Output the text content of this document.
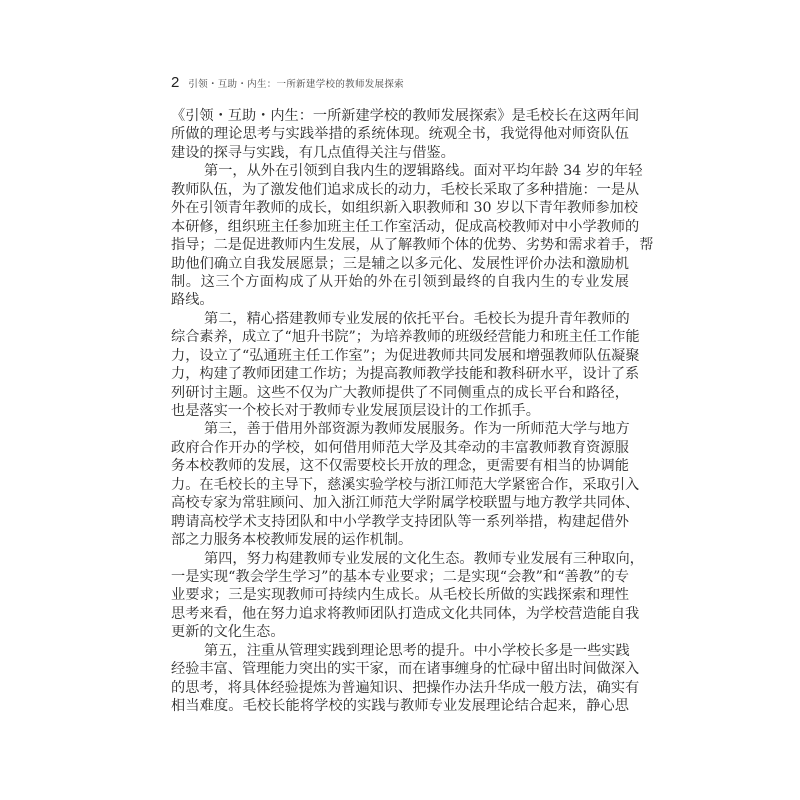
2 引领・互助・内生：一所新建学校的教师发展探索
《引领・互助・内生：一所新建学校的教师发展探索》是毛校长在这两年间
所做的理论思考与实践举措的系统体现。统观全书，我觉得他对师资队伍
建设的探寻与实践，有几点值得关注与借鉴。
第一，从外在引领到自我内生的逻辑路线。面对平均年龄 34 岁的年轻
教师队伍，为了激发他们追求成长的动力，毛校长采取了多种措施：一是从
外在引领青年教师的成长，如组织新入职教师和 30 岁以下青年教师参加校
本研修，组织班主任参加班主任工作室活动，促成高校教师对中小学教师的
指导；二是促进教师内生发展，从了解教师个体的优势、劣势和需求着手，帮
助他们确立自我发展愿景；三是辅之以多元化、发展性评价办法和激励机
制。这三个方面构成了从开始的外在引领到最终的自我内生的专业发展
路线。
第二，精心搭建教师专业发展的依托平台。毛校长为提升青年教师的
综合素养，成立了“旭升书院”；为培养教师的班级经营能力和班主任工作能
力，设立了“弘通班主任工作室”；为促进教师共同发展和增强教师队伍凝聚
力，构建了教师团建工作坊；为提高教师教学技能和教科研水平，设计了系
列研讨主题。这些不仅为广大教师提供了不同侧重点的成长平台和路径，
也是落实一个校长对于教师专业发展顶层设计的工作抓手。
第三，善于借用外部资源为教师发展服务。作为一所师范大学与地方
政府合作开办的学校，如何借用师范大学及其牵动的丰富教师教育资源服
务本校教师的发展，这不仅需要校长开放的理念，更需要有相当的协调能
力。在毛校长的主导下，慈溪实验学校与浙江师范大学紧密合作，采取引入
高校专家为常驻顾问、加入浙江师范大学附属学校联盟与地方教学共同体、
聘请高校学术支持团队和中小学教学支持团队等一系列举措，构建起借外
部之力服务本校教师发展的运作机制。
第四，努力构建教师专业发展的文化生态。教师专业发展有三种取向，
一是实现“教会学生学习”的基本专业要求；二是实现“会教”和“善教”的专
业要求；三是实现教师可持续内生成长。从毛校长所做的实践探索和理性
思考来看，他在努力追求将教师团队打造成文化共同体，为学校营造能自我
更新的文化生态。
第五，注重从管理实践到理论思考的提升。中小学校长多是一些实践
经验丰富、管理能力突出的实干家，而在诸事缠身的忙碌中留出时间做深入
的思考，将具体经验提炼为普遍知识、把操作办法升华成一般方法，确实有
相当难度。毛校长能将学校的实践与教师专业发展理论结合起来，静心思
